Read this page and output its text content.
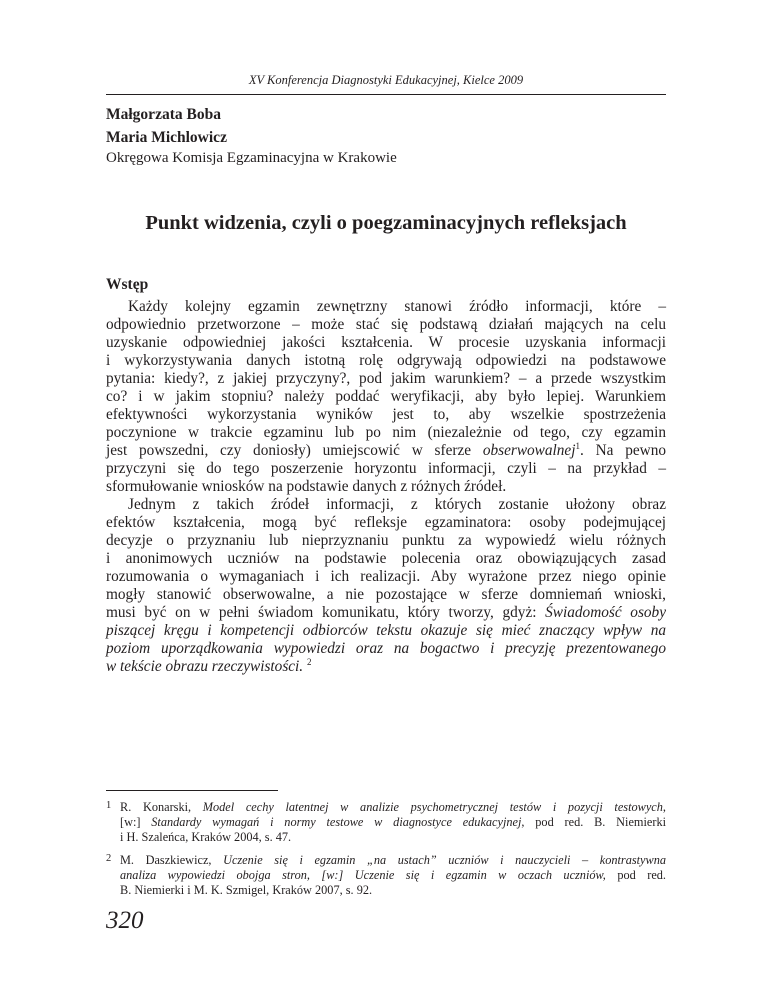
XV Konferencja Diagnostyki Edukacyjnej, Kielce 2009
Małgorzata Boba
Maria Michlowicz
Okręgowa Komisja Egzaminacyjna w Krakowie
Punkt widzenia, czyli o poegzaminacyjnych refleksjach
Wstęp
Każdy kolejny egzamin zewnętrzny stanowi źródło informacji, które –
odpowiednio przetworzone – może stać się podstawą działań mających na celu
uzyskanie odpowiedniej jakości kształcenia. W procesie uzyskania informacji
i wykorzystywania danych istotną rolę odgrywają odpowiedzi na podstawowe
pytania: kiedy?, z jakiej przyczyny?, pod jakim warunkiem? – a przede wszystkim
co? i w jakim stopniu? należy poddać weryfikacji, aby było lepiej. Warunkiem
efektywności wykorzystania wyników jest to, aby wszelkie spostrzeżenia
poczynione w trakcie egzaminu lub po nim (niezależnie od tego, czy egzamin
jest powszedni, czy doniosły) umiejscowić w sferze obserwowalnej$^1$. Na pewno
przyczyni się do tego poszerzenie horyzontu informacji, czyli – na przykład –
sformułowanie wniosków na podstawie danych z różnych źródeł.
Jednym z takich źródeł informacji, z których zostanie ułożony obraz
efektów kształcenia, mogą być refleksje egzaminatora: osoby podejmującej
decyzje o przyznaniu lub nieprzyznaniu punktu za wypowiedź wielu różnych
i anonimowych uczniów na podstawie polecenia oraz obowiązujących zasad
rozumowania o wymaganiach i ich realizacji. Aby wyrażone przez niego opinie
mogły stanowić obserwowalne, a nie pozostające w sferze domniemań wnioski,
musi być on w pełni świadom komunikatu, który tworzy, gdyż: Świadomość osoby
piszącej kręgu i kompetencji odbiorców tekstu okazuje się mieć znaczący wpływ na
poziom uporządkowania wypowiedzi oraz na bogactwo i precyzję prezentowanego
w tekście obrazu rzeczywistości. $^2$
1 R. Konarski, Model cechy latentnej w analizie psychometrycznej testów i pozycji testowych,
[w:] Standardy wymagań i normy testowe w diagnostyce edukacyjnej, pod red. B. Niemierki
i H. Szaleńca, Kraków 2004, s. 47.
2 M. Daszkiewicz, Uczenie się i egzamin „na ustach” uczniów i nauczycieli – kontrastywna
analiza wypowiedzi obojga stron, [w:] Uczenie się i egzamin w oczach uczniów, pod red.
B. Niemierki i M. K. Szmigel, Kraków 2007, s. 92.
320
